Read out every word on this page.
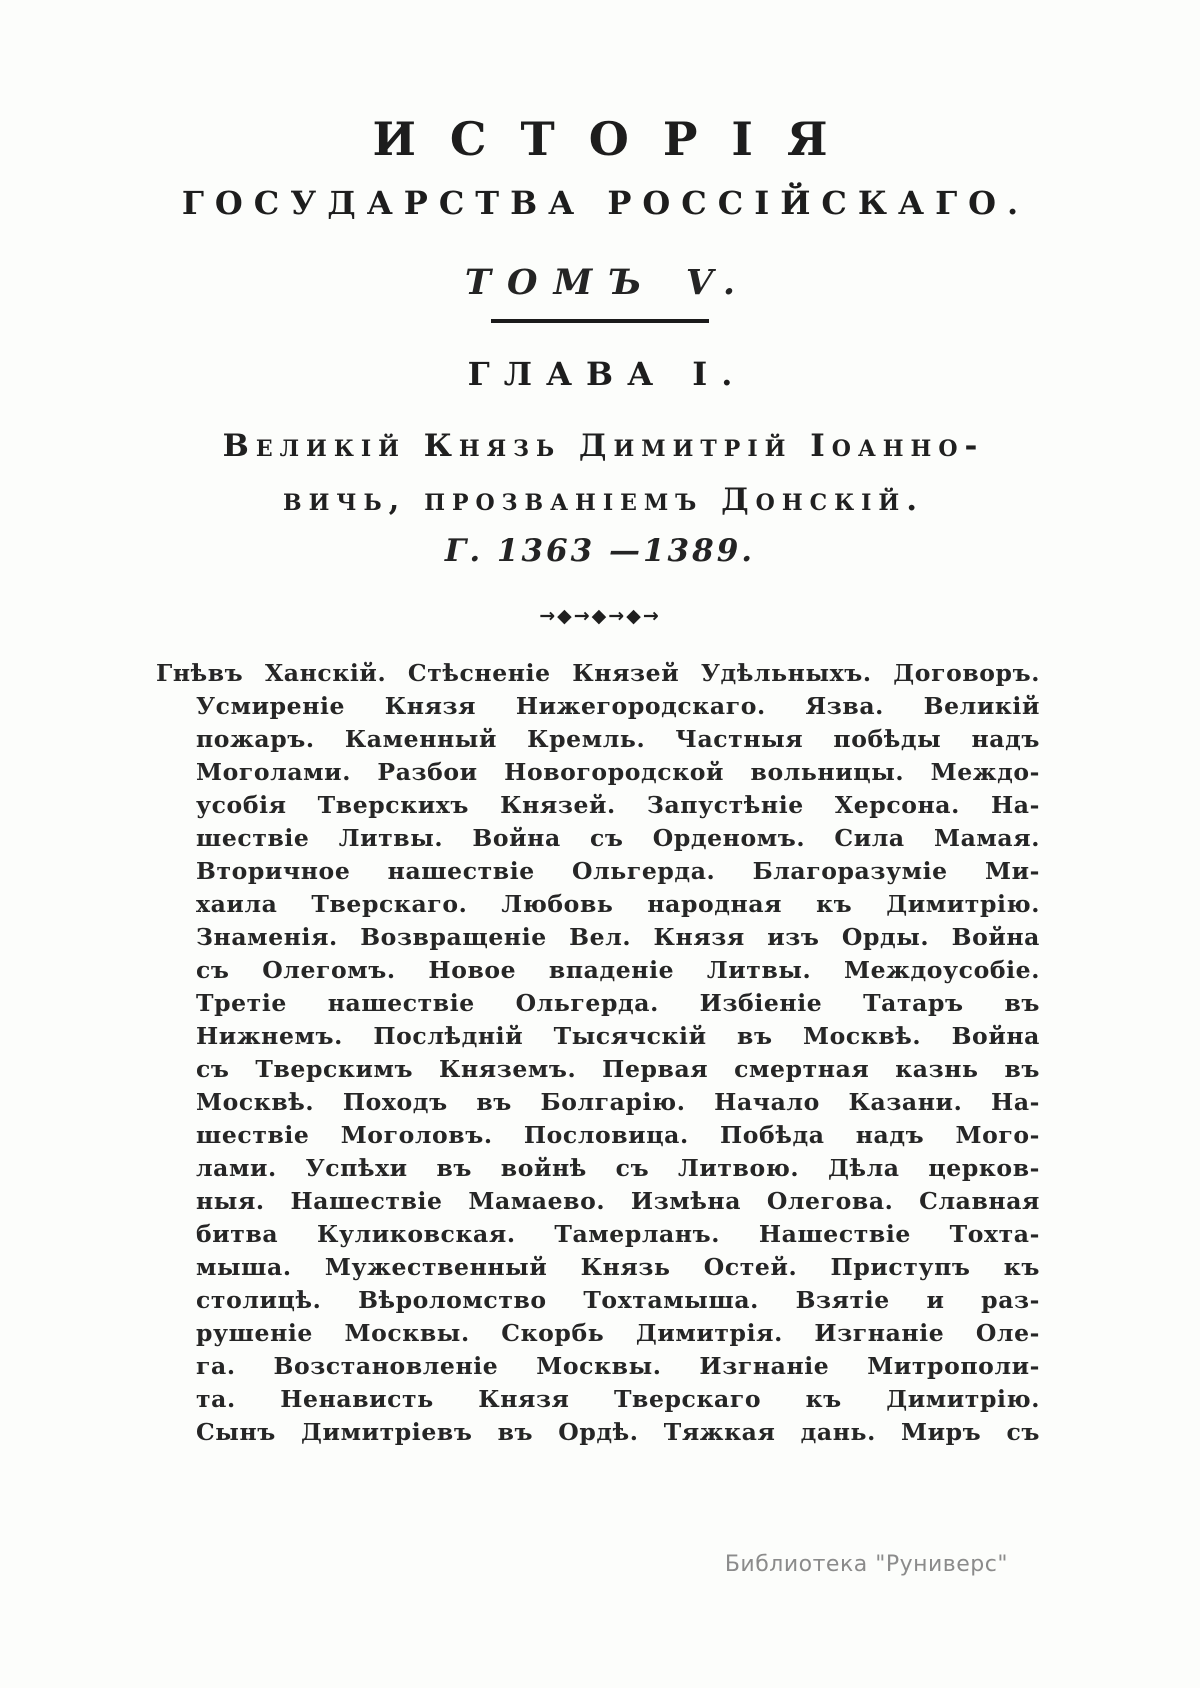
ИСТОРІЯ
ГОСУДАРСТВА РОССІЙСКАГО.
ТОМЪ V.
ГЛАВА I.
Великій Князь Димитрій Іоанно-
вичь, прозваніемъ Донскій.
Г. 1363 —1389.
→◆→◆→◆→
Гнѣвъ Ханскій. Стѣсненіе Князей Удѣльныхъ. Договоръ.
Усмиреніе Князя Нижегородскаго. Язва. Великій
пожаръ. Каменный Кремль. Частныя побѣды надъ
Моголами. Разбои Новогородской вольницы. Междо-
усобія Тверскихъ Князей. Запустѣніе Херсона. На-
шествіе Литвы. Война съ Орденомъ. Сила Мамая.
Вторичное нашествіе Ольгерда. Благоразуміе Ми-
хаила Тверскаго. Любовь народная къ Димитрію.
Знаменія. Возвращеніе Вел. Князя изъ Орды. Война
съ Олегомъ. Новое впаденіе Литвы. Междоусобіе.
Третіе нашествіе Ольгерда. Избіеніе Татаръ въ
Нижнемъ. Послѣдній Тысячскій въ Москвѣ. Война
съ Тверскимъ Княземъ. Первая смертная казнь въ
Москвѣ. Походъ въ Болгарію. Начало Казани. На-
шествіе Моголовъ. Пословица. Побѣда надъ Мого-
лами. Успѣхи въ войнѣ съ Литвою. Дѣла церков-
ныя. Нашествіе Мамаево. Измѣна Олегова. Славная
битва Куликовская. Тамерланъ. Нашествіе Тохта-
мыша. Мужественный Князь Остей. Приступъ къ
столицѣ. Вѣроломство Тохтамыша. Взятіе и раз-
рушеніе Москвы. Скорбь Димитрія. Изгнаніе Оле-
га. Возстановленіе Москвы. Изгнаніе Митрополи-
та. Ненависть Князя Тверскаго къ Димитрію.
Сынъ Димитріевъ въ Ордѣ. Тяжкая дань. Миръ съ
Библиотека "Руниверс"
